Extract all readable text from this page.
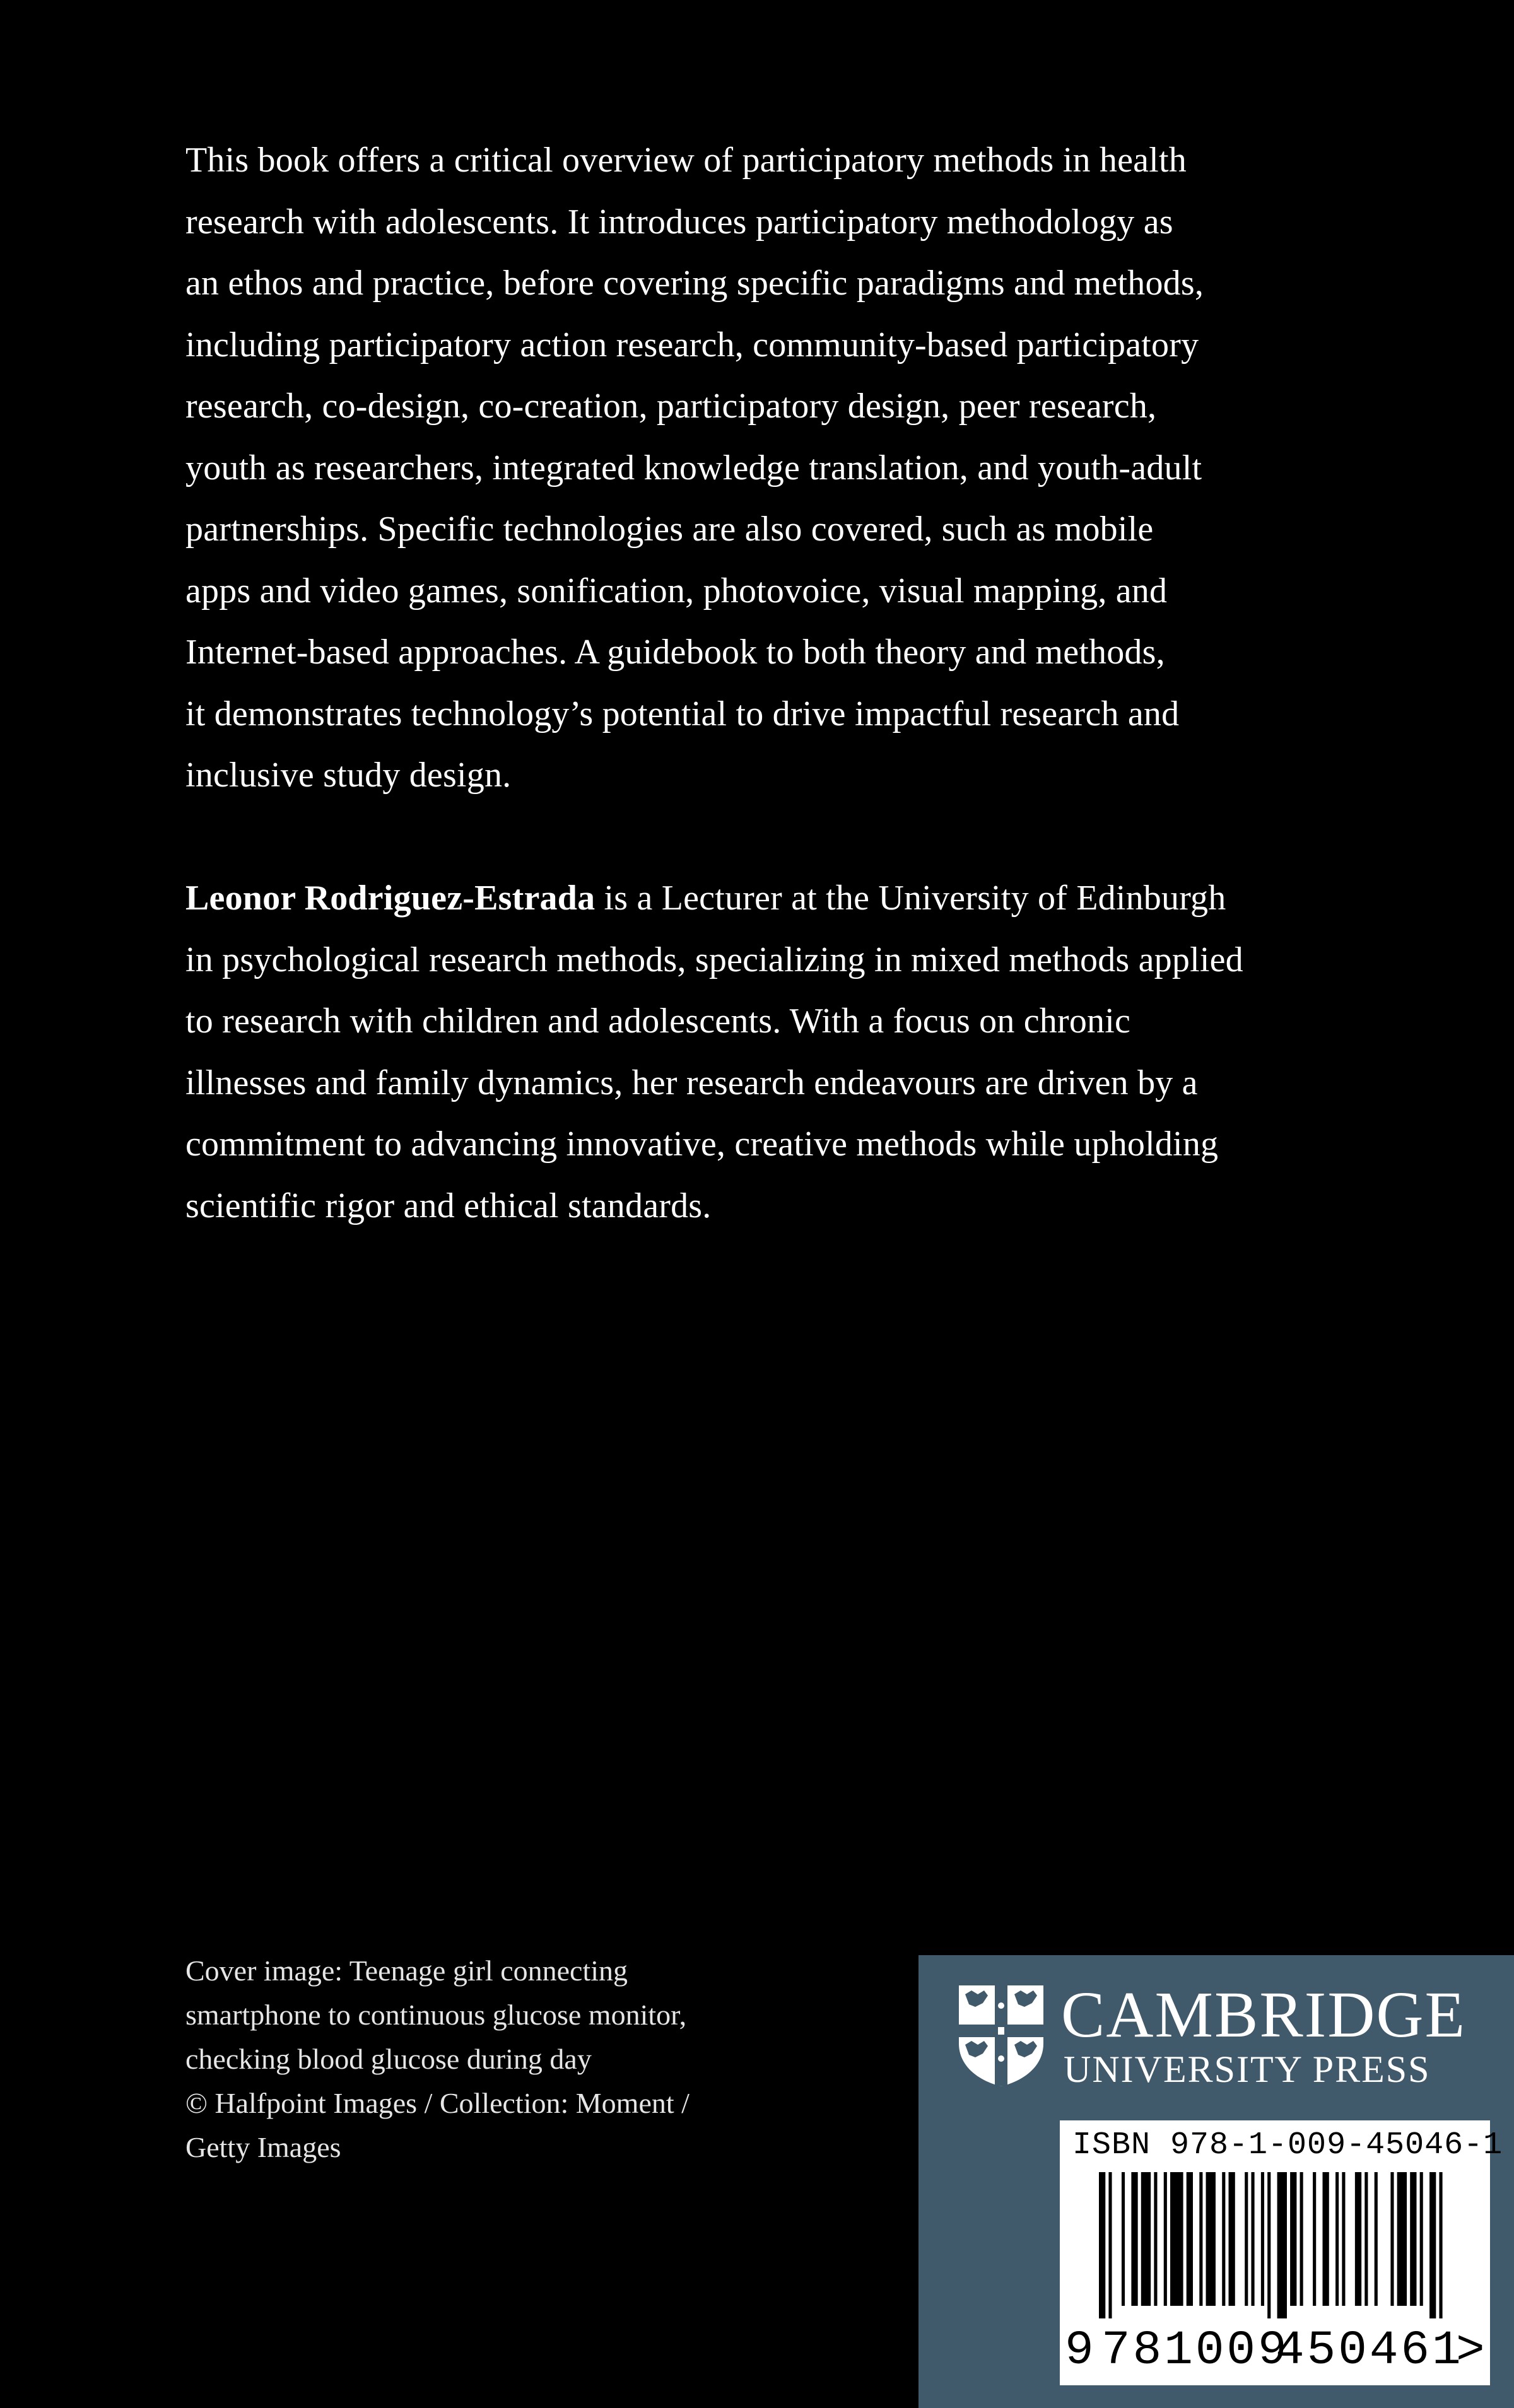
This book offers a critical overview of participatory methods in health

research with adolescents. It introduces participatory methodology as

an ethos and practice, before covering specific paradigms and methods,

including participatory action research, community-based participatory

research, co-design, co-creation, participatory design, peer research,

youth as researchers, integrated knowledge translation, and youth-adult

partnerships. Specific technologies are also covered, such as mobile

apps and video games, sonification, photovoice, visual mapping, and

Internet-based approaches. A guidebook to both theory and methods,

it demonstrates technology’s potential to drive impactful research and

inclusive study design.

Leonor Rodriguez-Estrada is a Lecturer at the University of Edinburgh

in psychological research methods, specializing in mixed methods applied

to research with children and adolescents. With a focus on chronic

illnesses and family dynamics, her research endeavours are driven by a

commitment to advancing innovative, creative methods while upholding

scientific rigor and ethical standards.

Cover image: Teenage girl connecting

smartphone to continuous glucose monitor,

checking blood glucose during day

© Halfpoint Images / Collection: Moment /

Getty Images

CAMBRIDGE
UNIVERSITY PRESS
ISBN 978-1-009-45046-1
9 781009
450461
>
